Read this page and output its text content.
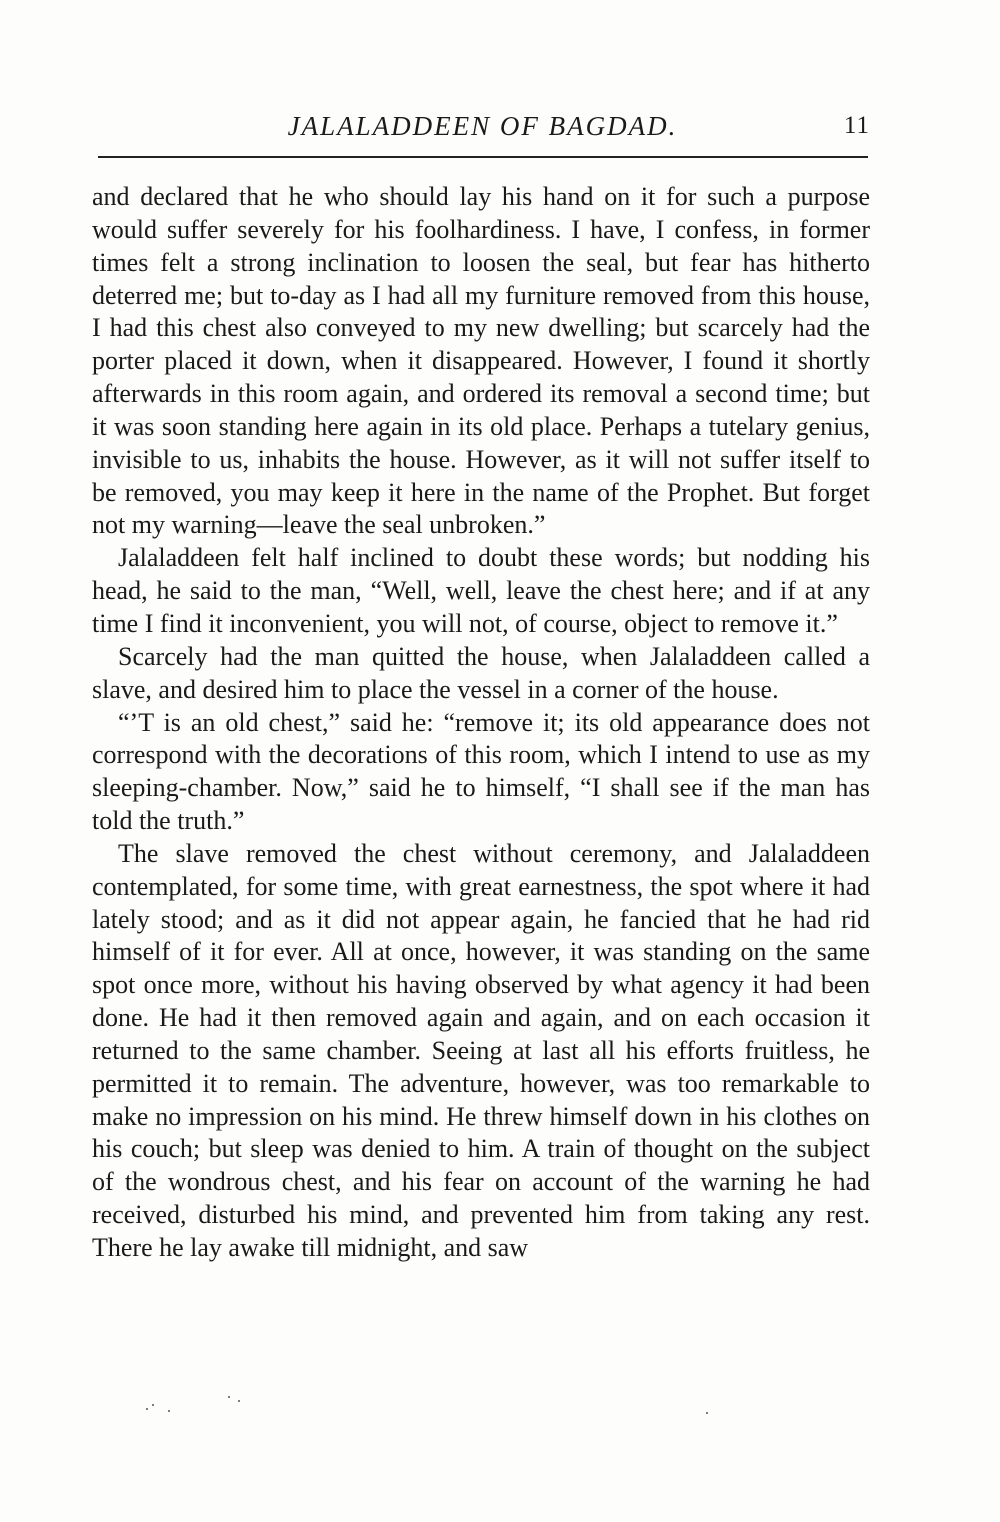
JALALADDEEN OF BAGDAD.	11

and declared that he who should lay his hand on it for such a purpose would suffer severely for his foolhardiness. I have, I confess, in former times felt a strong inclination to loosen the seal, but fear has hitherto deterred me; but to-day as I had all my furniture removed from this house, I had this chest also conveyed to my new dwelling; but scarcely had the porter placed it down, when it disappeared. However, I found it shortly afterwards in this room again, and ordered its removal a second time; but it was soon standing here again in its old place. Perhaps a tutelary genius, invisible to us, inhabits the house. However, as it will not suffer itself to be removed, you may keep it here in the name of the Prophet. But forget not my warning—leave the seal unbroken.”

Jalaladdeen felt half inclined to doubt these words; but nodding his head, he said to the man, “Well, well, leave the chest here; and if at any time I find it inconvenient, you will not, of course, object to remove it.”

Scarcely had the man quitted the house, when Jalaladdeen called a slave, and desired him to place the vessel in a corner of the house.

“’T is an old chest,” said he: “remove it; its old appearance does not correspond with the decorations of this room, which I intend to use as my sleeping-chamber. Now,” said he to himself, “I shall see if the man has told the truth.”

The slave removed the chest without ceremony, and Jalaladdeen contemplated, for some time, with great earnestness, the spot where it had lately stood; and as it did not appear again, he fancied that he had rid himself of it for ever. All at once, however, it was standing on the same spot once more, without his having observed by what agency it had been done. He had it then removed again and again, and on each occasion it returned to the same chamber. Seeing at last all his efforts fruitless, he permitted it to remain. The adventure, however, was too remarkable to make no impression on his mind. He threw himself down in his clothes on his couch; but sleep was denied to him. A train of thought on the subject of the wondrous chest, and his fear on account of the warning he had received, disturbed his mind, and prevented him from taking any rest. There he lay awake till midnight, and saw
